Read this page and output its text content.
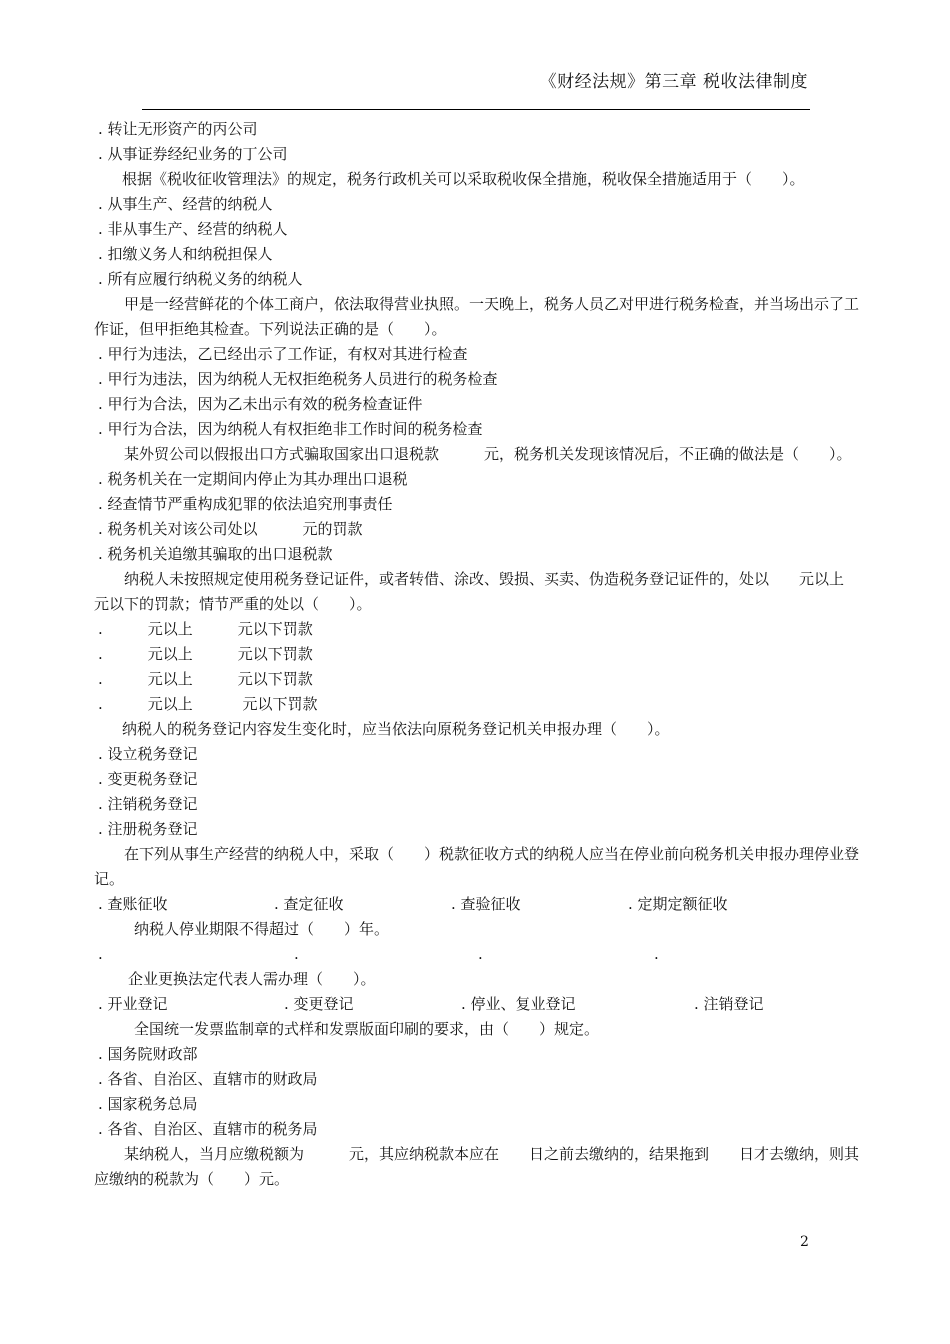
《财经法规》第三章 税收法律制度
. 转让无形资产的丙公司
. 从事证券经纪业务的丁公司
根据《税收征收管理法》的规定，税务行政机关可以采取税收保全措施，税收保全措施适用于（　　）。
. 从事生产、经营的纳税人
. 非从事生产、经营的纳税人
. 扣缴义务人和纳税担保人
. 所有应履行纳税义务的纳税人
甲是一经营鲜花的个体工商户，依法取得营业执照。一天晚上，税务人员乙对甲进行税务检查，并当场出示了工作证，但甲拒绝其检查。下列说法正确的是（　　）。
. 甲行为违法，乙已经出示了工作证，有权对其进行检查
. 甲行为违法，因为纳税人无权拒绝税务人员进行的税务检查
. 甲行为合法，因为乙未出示有效的税务检查证件
. 甲行为合法，因为纳税人有权拒绝非工作时间的税务检查
某外贸公司以假报出口方式骗取国家出口退税款　　　元，税务机关发现该情况后，不正确的做法是（　　）。
. 税务机关在一定期间内停止为其办理出口退税
. 经查情节严重构成犯罪的依法追究刑事责任
. 税务机关对该公司处以　　　元的罚款
. 税务机关追缴其骗取的出口退税款
纳税人未按照规定使用税务登记证件，或者转借、涂改、毁损、买卖、伪造税务登记证件的，处以　　元以上　　　元以下的罚款；情节严重的处以（　　）。
.　　　元以上　　　元以下罚款
.　　　元以上　　　元以下罚款
.　　　元以上　　　元以下罚款
.　　　元以上　　　 元以下罚款
纳税人的税务登记内容发生变化时，应当依法向原税务登记机关申报办理（　　）。
. 设立税务登记
. 变更税务登记
. 注销税务登记
. 注册税务登记
在下列从事生产经营的纳税人中，采取（　　）税款征收方式的纳税人应当在停业前向税务机关申报办理停业登记。
. 查账征收	. 查定征收	. 查验征收	. 定期定额征收
纳税人停业期限不得超过（　　）年。
.	.	.	.
企业更换法定代表人需办理（　　）。
. 开业登记	. 变更登记	. 停业、复业登记	. 注销登记
全国统一发票监制章的式样和发票版面印刷的要求，由（　　）规定。
. 国务院财政部
. 各省、自治区、直辖市的财政局
. 国家税务总局
. 各省、自治区、直辖市的税务局
某纳税人，当月应缴税额为　　　元，其应纳税款本应在　　日之前去缴纳的，结果拖到　　日才去缴纳，则其应缴纳的税款为（　　）元。
2
